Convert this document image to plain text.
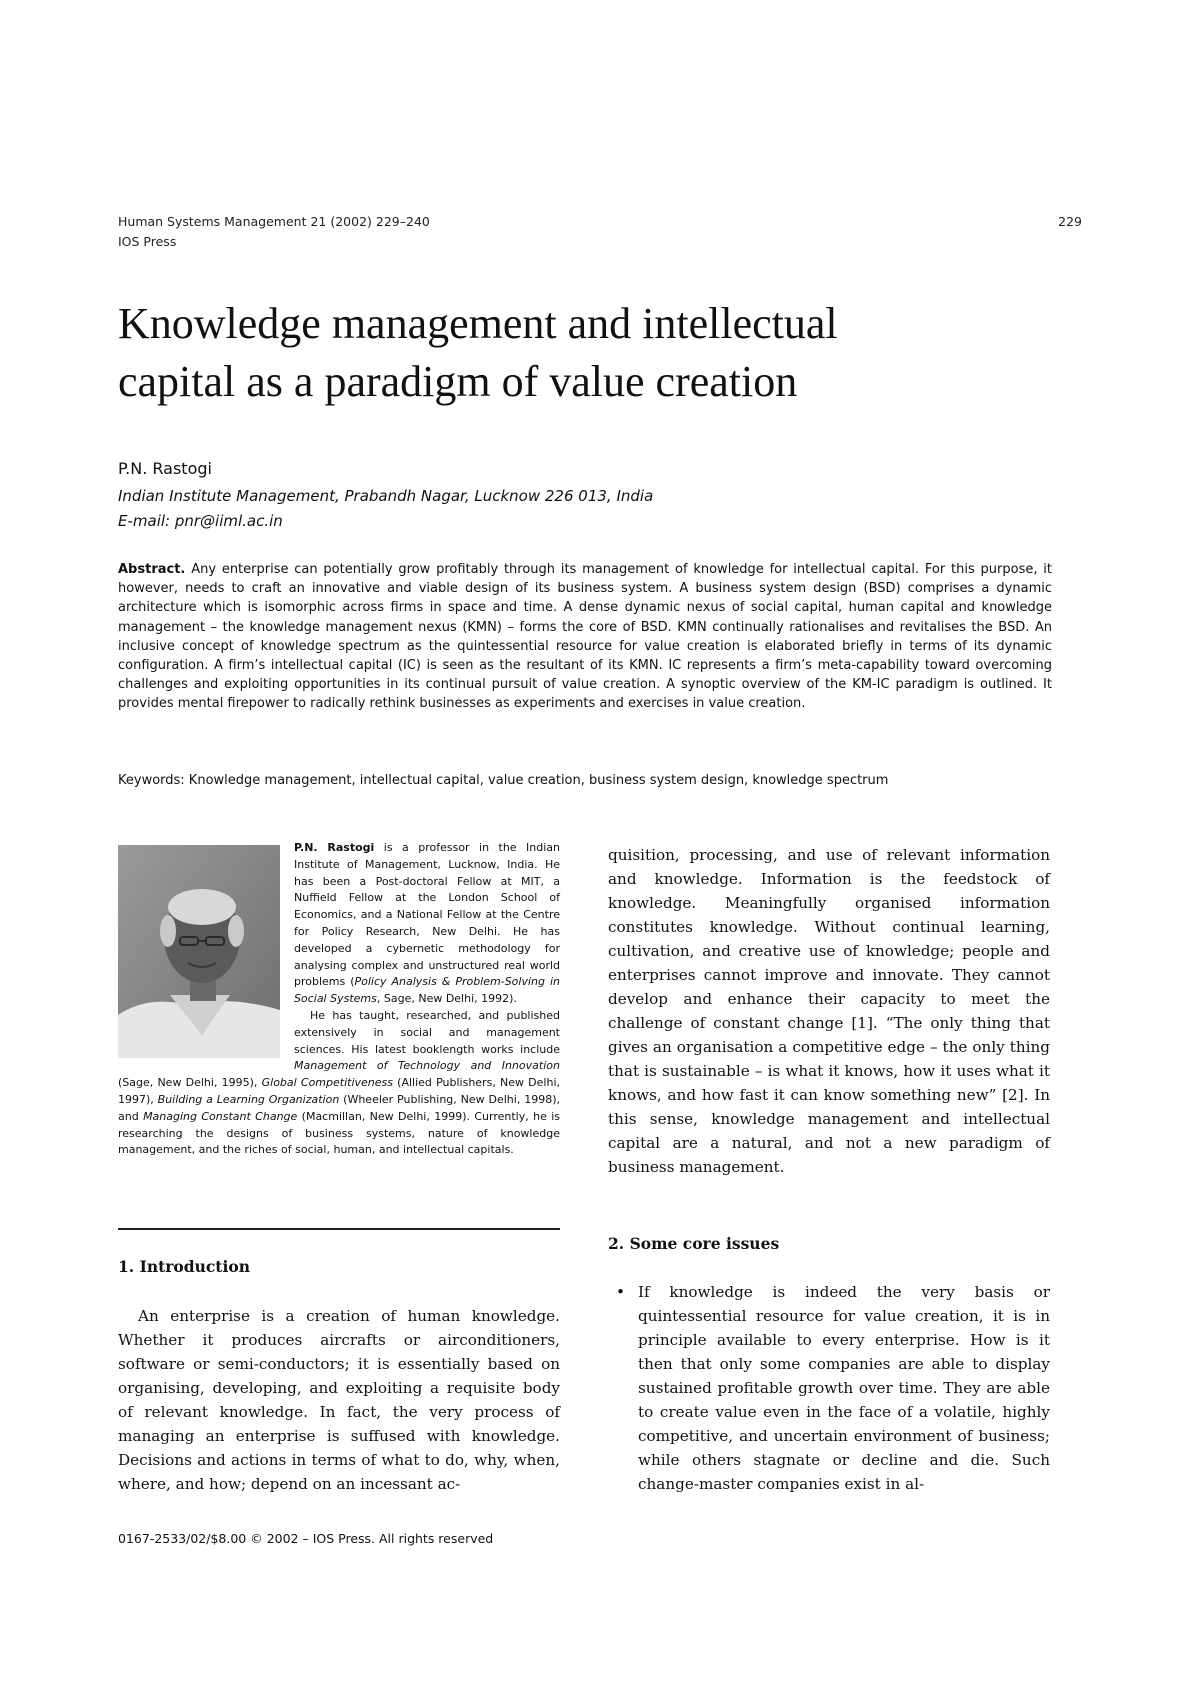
Human Systems Management 21 (2002) 229–240
IOS Press
229
Knowledge management and intellectual
capital as a paradigm of value creation
P.N. Rastogi
Indian Institute Management, Prabandh Nagar, Lucknow 226 013, India
E-mail: pnr@iiml.ac.in

Abstract. Any enterprise can potentially grow profitably through its management of knowledge for intellectual capital. For this purpose, it however, needs to craft an innovative and viable design of its business system. A business system design (BSD) comprises a dynamic architecture which is isomorphic across firms in space and time. A dense dynamic nexus of social capital, human capital and knowledge management – the knowledge management nexus (KMN) – forms the core of BSD. KMN continually rationalises and revitalises the BSD. An inclusive concept of knowledge spectrum as the quintessential resource for value creation is elaborated briefly in terms of its dynamic configuration. A firm’s intellectual capital (IC) is seen as the resultant of its KMN. IC represents a firm’s meta-capability toward overcoming challenges and exploiting opportunities in its continual pursuit of value creation. A synoptic overview of the KM-IC paradigm is outlined. It provides mental firepower to radically rethink businesses as experiments and exercises in value creation.

Keywords: Knowledge management, intellectual capital, value creation, business system design, knowledge spectrum

P.N. Rastogi is a professor in the Indian Institute of Management, Lucknow, India. He has been a Post-doctoral Fellow at MIT, a Nuffield Fellow at the London School of Economics, and a National Fellow at the Centre for Policy Research, New Delhi. He has developed a cybernetic methodology for analysing complex and unstructured real world problems (Policy Analysis & Problem-Solving in Social Systems, Sage, New Delhi, 1992).

He has taught, researched, and published extensively in social and management sciences. His latest booklength works include Management of Technology and Innovation (Sage, New Delhi, 1995), Global Competitiveness (Allied Publishers, New Delhi, 1997), Building a Learning Organization (Wheeler Publishing, New Delhi, 1998), and Managing Constant Change (Macmillan, New Delhi, 1999). Currently, he is researching the designs of business systems, nature of knowledge management, and the riches of social, human, and intellectual capitals.

1. Introduction

An enterprise is a creation of human knowledge. Whether it produces aircrafts or airconditioners, software or semi-conductors; it is essentially based on organising, developing, and exploiting a requisite body of relevant knowledge. In fact, the very process of managing an enterprise is suffused with knowledge. Decisions and actions in terms of what to do, why, when, where, and how; depend on an incessant ac-

quisition, processing, and use of relevant information and knowledge. Information is the feedstock of knowledge. Meaningfully organised information constitutes knowledge. Without continual learning, cultivation, and creative use of knowledge; people and enterprises cannot improve and innovate. They cannot develop and enhance their capacity to meet the challenge of constant change [1]. “The only thing that gives an organisation a competitive edge – the only thing that is sustainable – is what it knows, how it uses what it knows, and how fast it can know something new” [2]. In this sense, knowledge management and intellectual capital are a natural, and not a new paradigm of business management.

2. Some core issues
• If knowledge is indeed the very basis or quintessential resource for value creation, it is in principle available to every enterprise. How is it then that only some companies are able to display sustained profitable growth over time. They are able to create value even in the face of a volatile, highly competitive, and uncertain environment of business; while others stagnate or decline and die. Such change-master companies exist in al-
0167-2533/02/$8.00 © 2002 – IOS Press. All rights reserved
